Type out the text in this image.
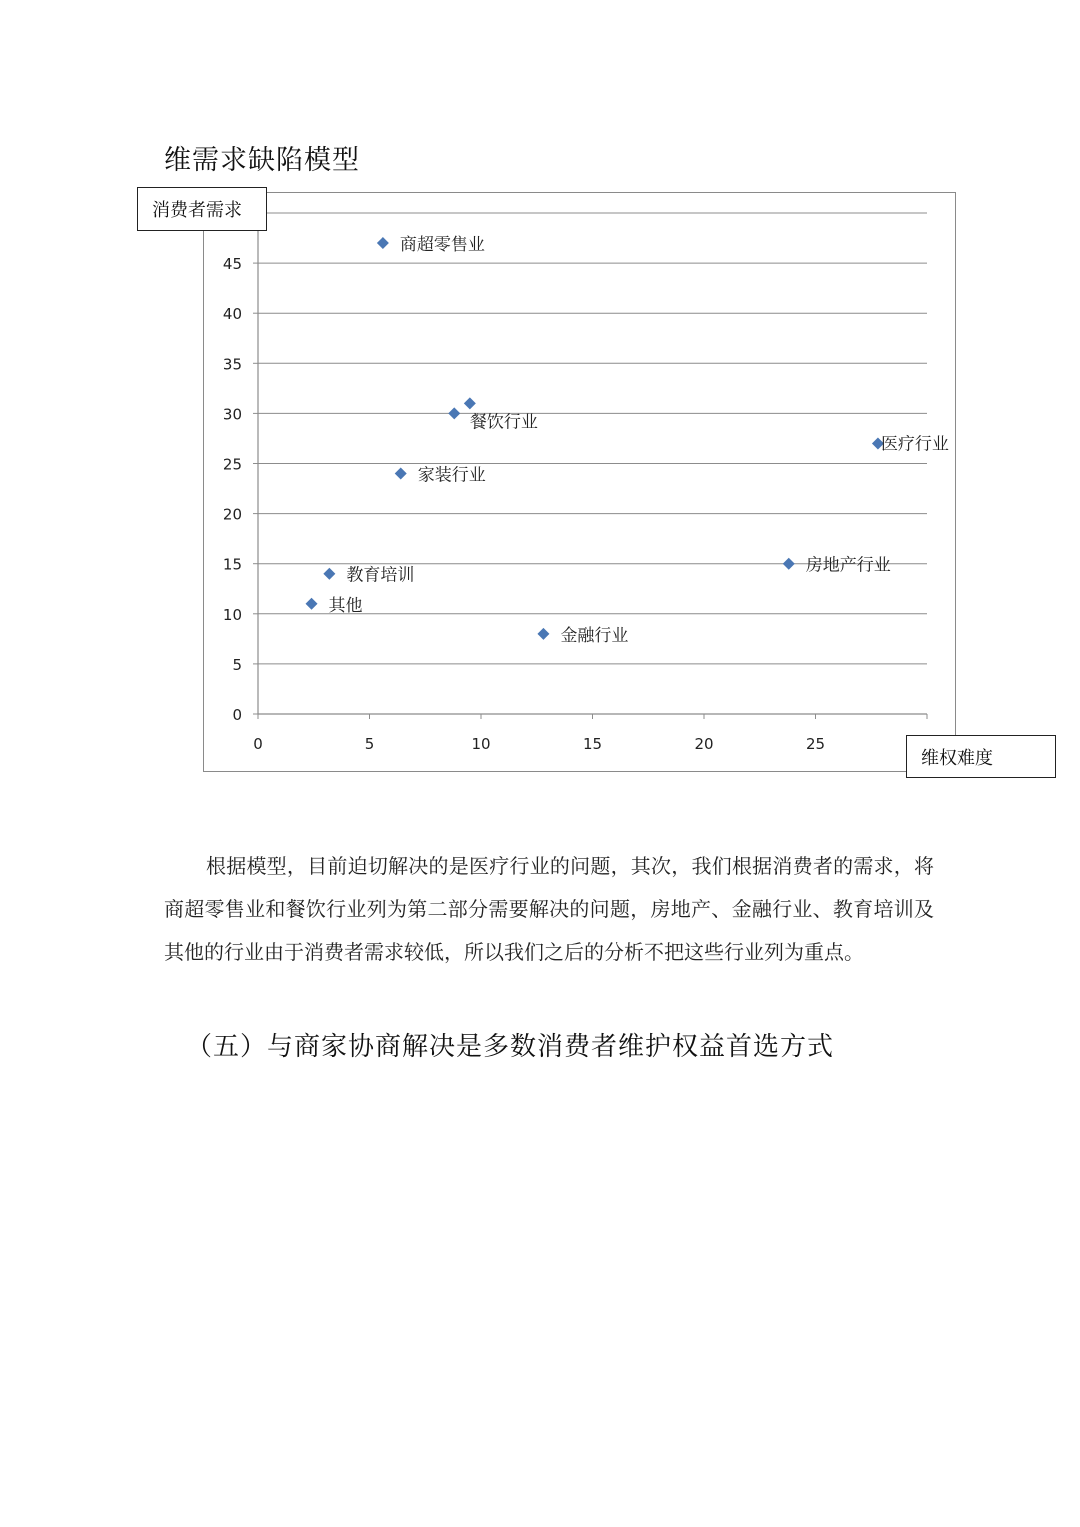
维需求缺陷模型
0
5
10
15
20
25
30
35
40
45
0	5	10	15	20	25
商超零售业
餐饮行业
家装行业
医疗行业
房地产行业
教育培训
其他
金融行业
消费者需求
维权难度

根据模型，目前迫切解决的是医疗行业的问题，其次，我们根据消费者的需求，将商超零售业和餐饮行业列为第二部分需要解决的问题，房地产、金融行业、教育培训及其他的行业由于消费者需求较低，所以我们之后的分析不把这些行业列为重点。

（五）与商家协商解决是多数消费者维护权益首选方式
